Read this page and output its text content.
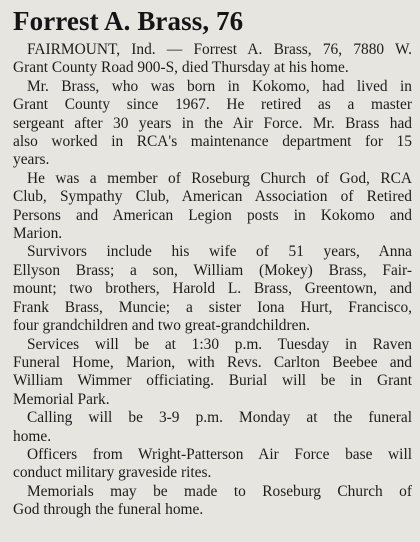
Forrest A. Brass, 76
FAIRMOUNT, Ind. — Forrest A. Brass, 76, 7880 W.
Grant County Road 900-S, died Thursday at his home.
Mr. Brass, who was born in Kokomo, had lived in
Grant County since 1967. He retired as a master
sergeant after 30 years in the Air Force. Mr. Brass had
also worked in RCA's maintenance department for 15
years.
He was a member of Roseburg Church of God, RCA
Club, Sympathy Club, American Association of Retired
Persons and American Legion posts in Kokomo and
Marion.
Survivors include his wife of 51 years, Anna
Ellyson Brass; a son, William (Mokey) Brass, Fair-
mount; two brothers, Harold L. Brass, Greentown, and
Frank Brass, Muncie; a sister Iona Hurt, Francisco,
four grandchildren and two great-grandchildren.
Services will be at 1:30 p.m. Tuesday in Raven
Funeral Home, Marion, with Revs. Carlton Beebee and
William Wimmer officiating. Burial will be in Grant
Memorial Park.
Calling will be 3-9 p.m. Monday at the funeral
home.
Officers from Wright-Patterson Air Force base will
conduct military graveside rites.
Memorials may be made to Roseburg Church of
God through the funeral home.
